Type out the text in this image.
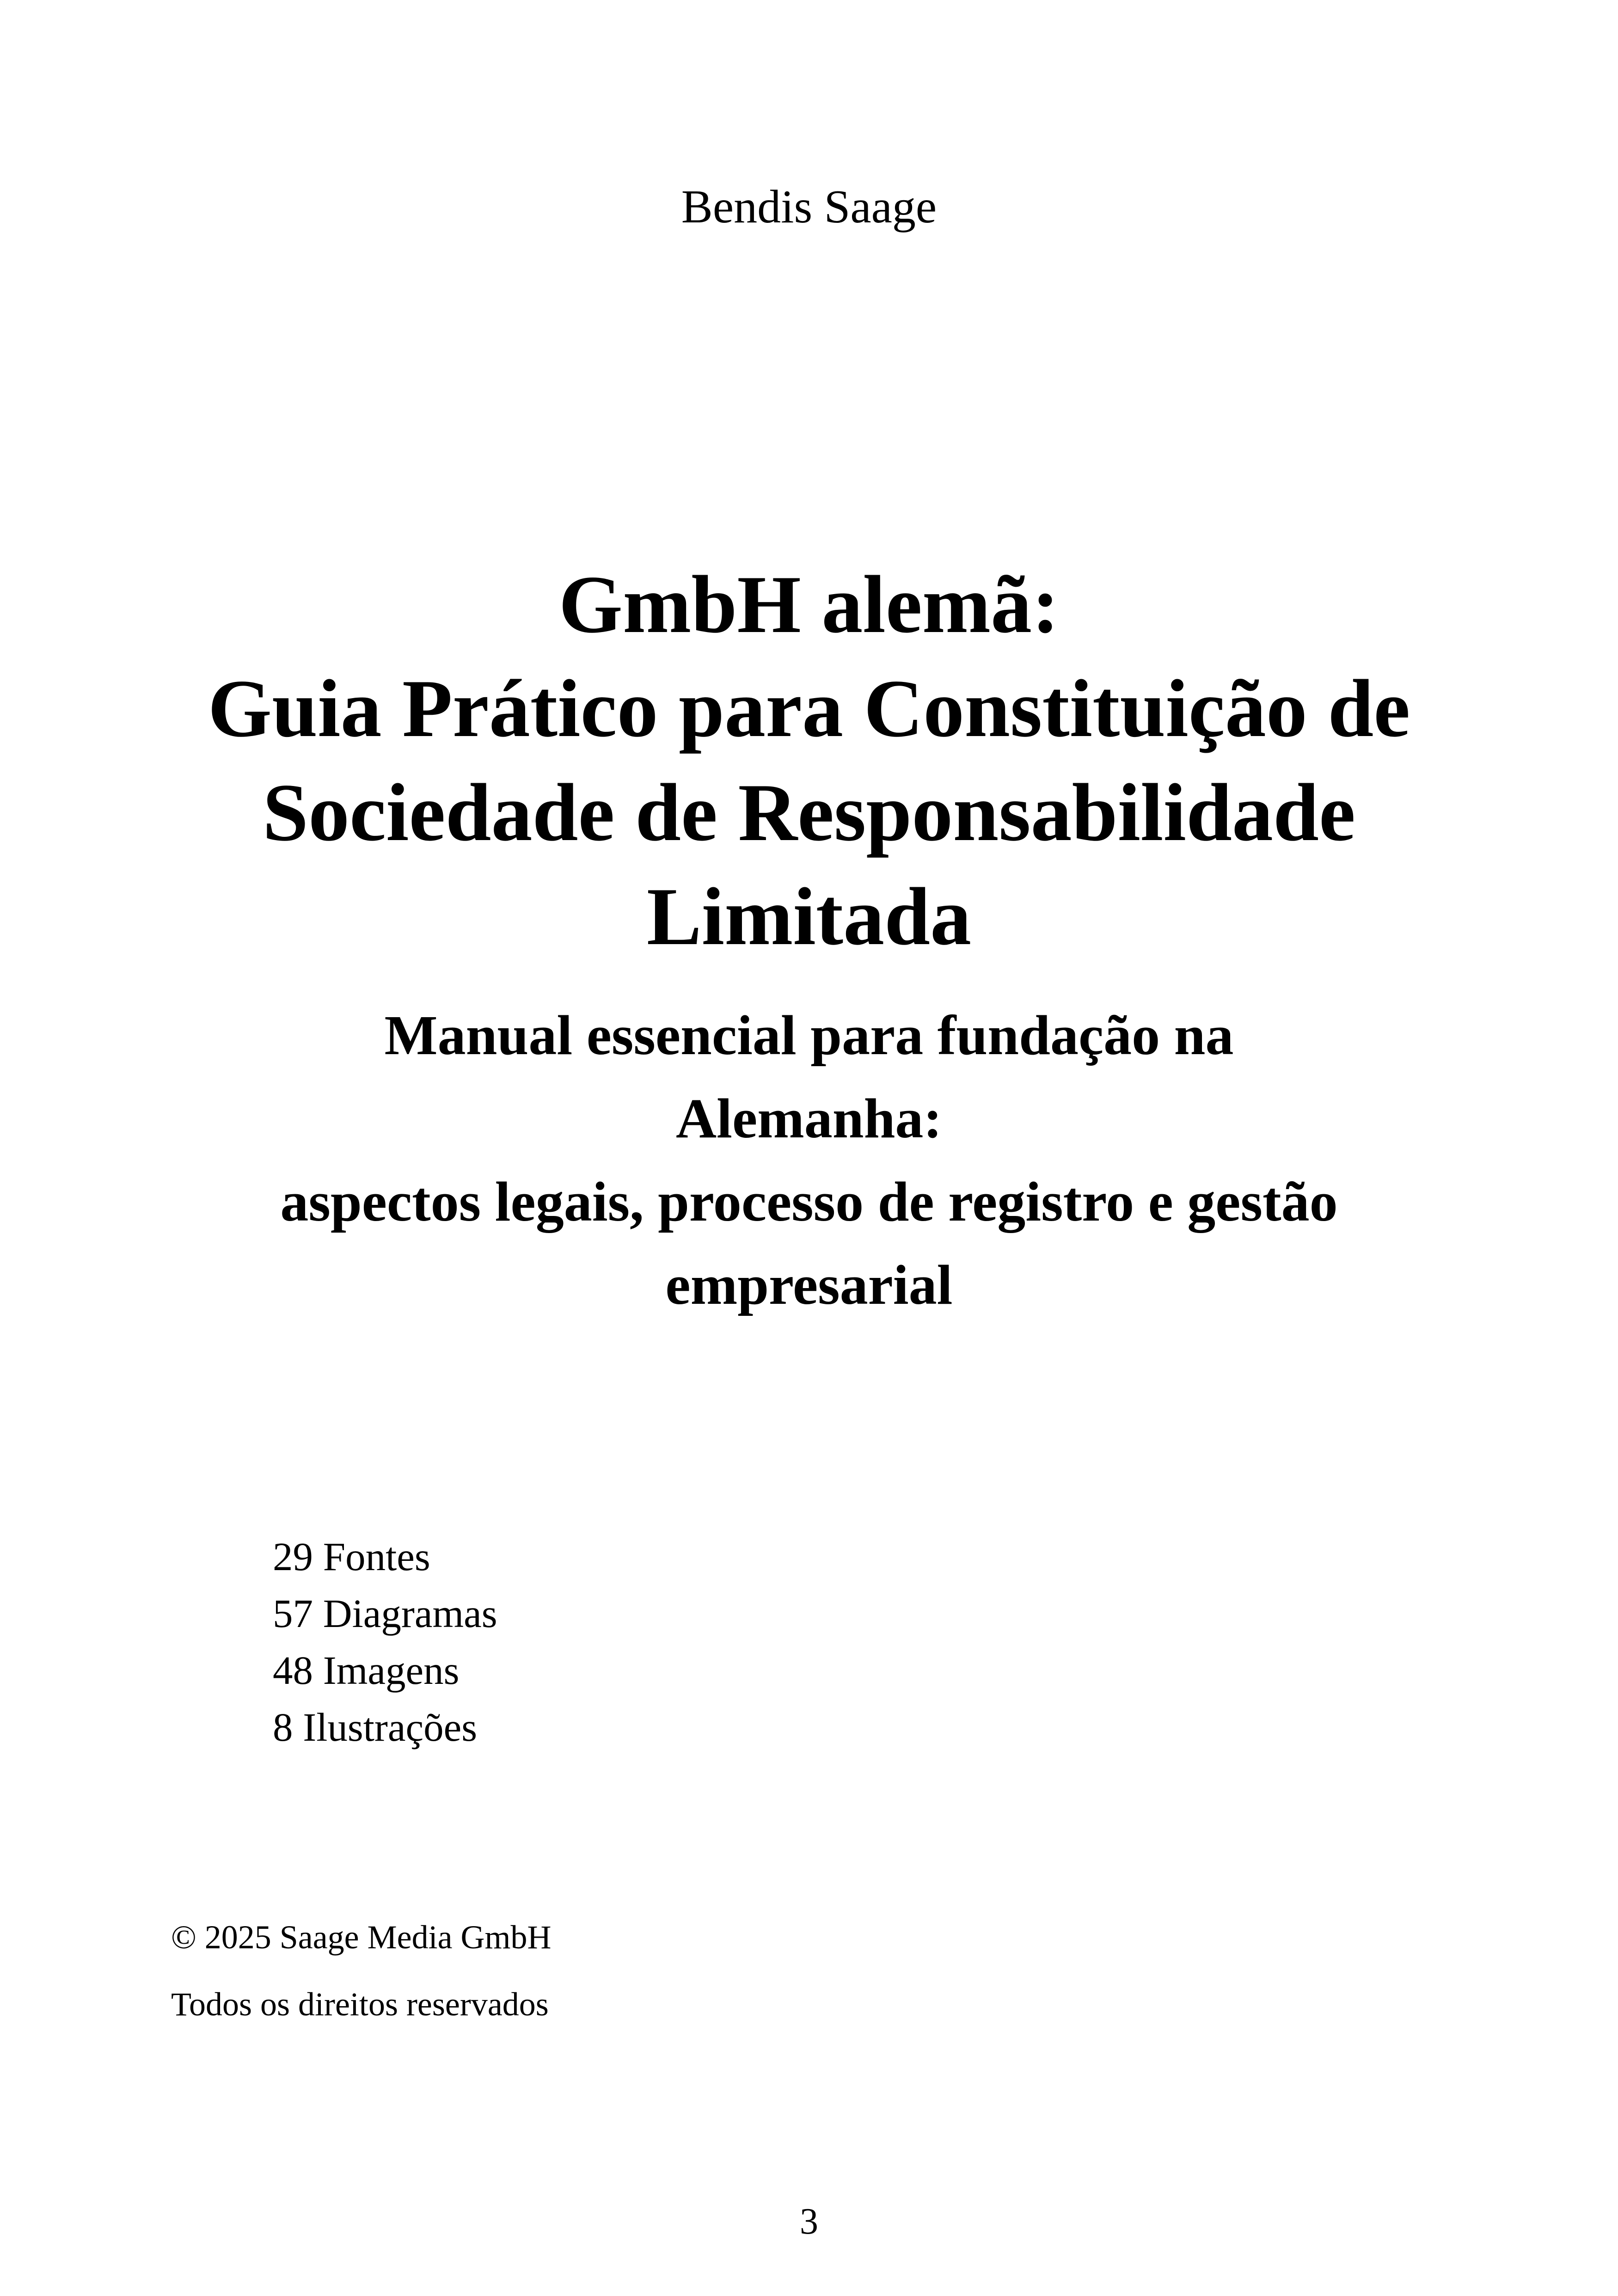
Bendis Saage
GmbH alemã:
Guia Prático para Constituição de
Sociedade de Responsabilidade
Limitada
Manual essencial para fundação na
Alemanha:
aspectos legais, processo de registro e gestão
empresarial
29 Fontes
57 Diagramas
48 Imagens
8 Ilustrações
© 2025 Saage Media GmbH
Todos os direitos reservados
3
